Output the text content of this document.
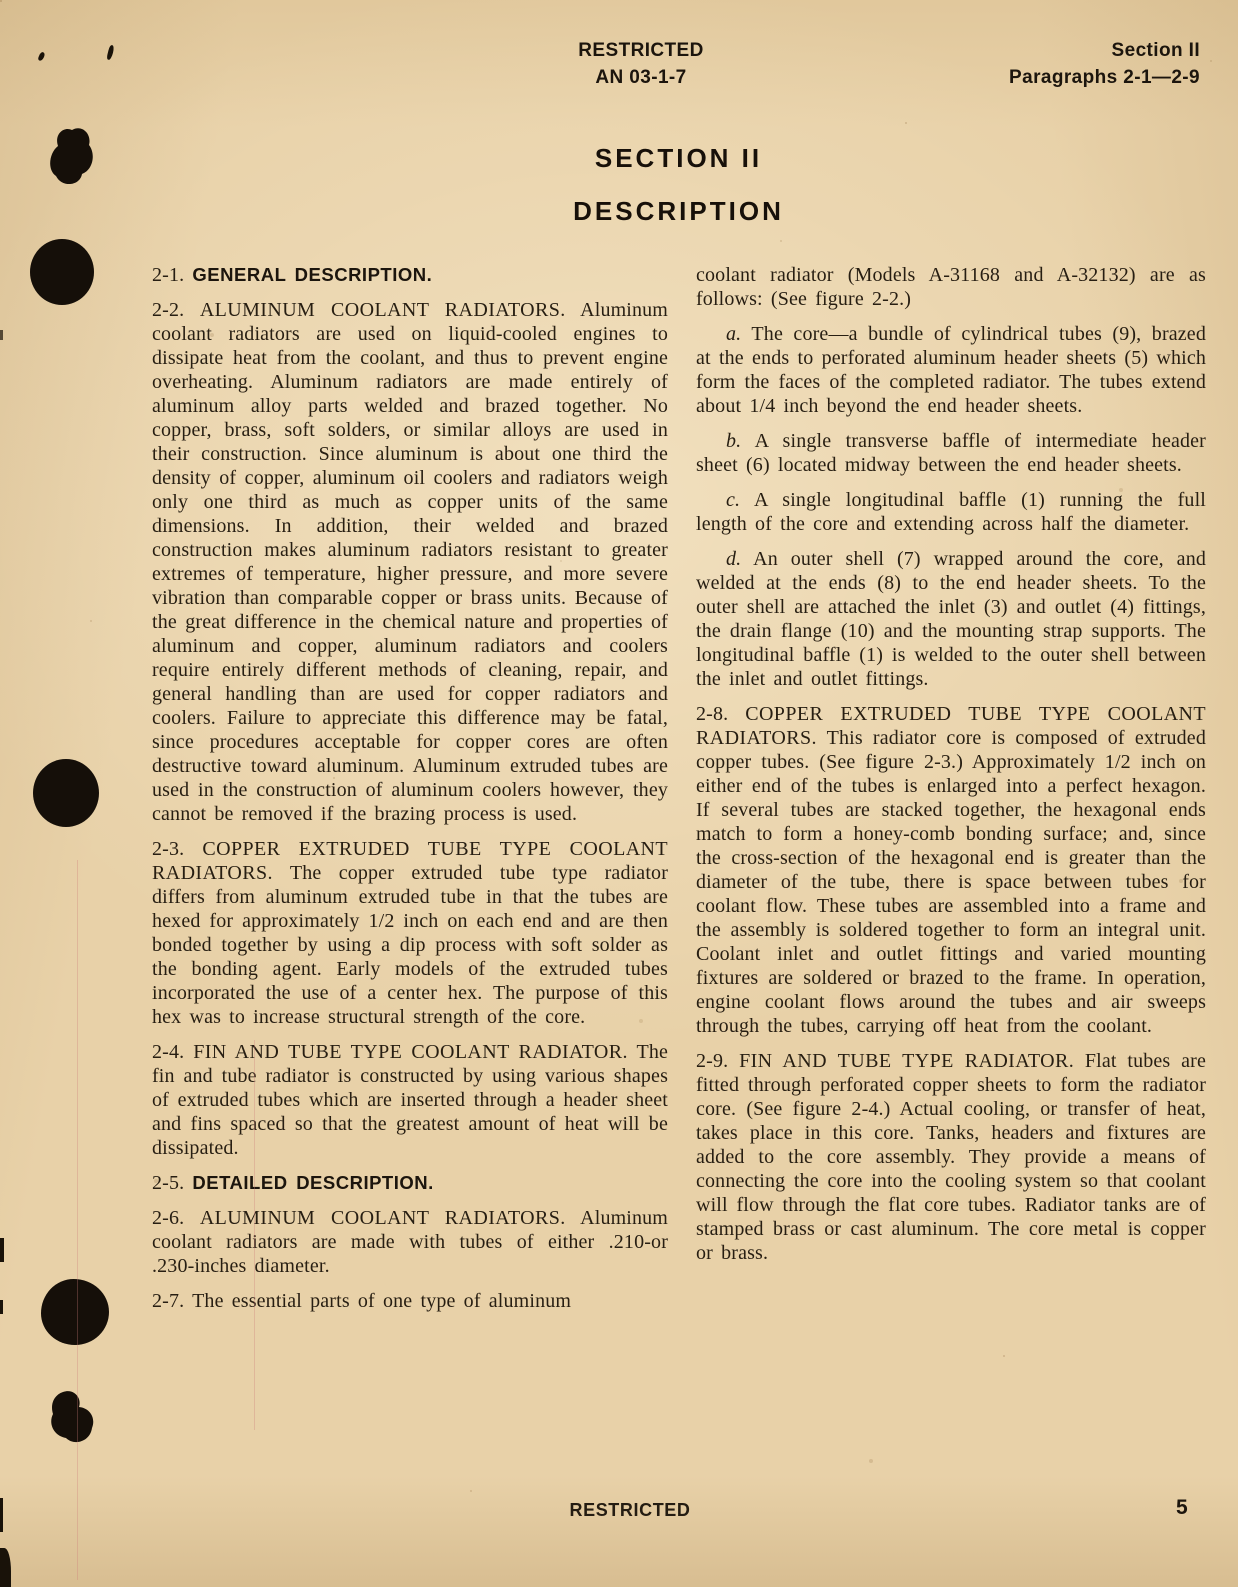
RESTRICTED
AN 03-1-7
Section II
Paragraphs 2-1—2-9
SECTION II
DESCRIPTION

2-1. GENERAL DESCRIPTION.

2-2. ALUMINUM COOLANT RADIATORS. Aluminum coolant radiators are used on liquid-cooled engines to dissipate heat from the coolant, and thus to prevent engine overheating. Aluminum radiators are made entirely of aluminum alloy parts welded and brazed together. No copper, brass, soft solders, or similar alloys are used in their construction. Since aluminum is about one third the density of copper, aluminum oil coolers and radiators weigh only one third as much as copper units of the same dimensions. In addition, their welded and brazed construction makes aluminum radiators resistant to greater extremes of temperature, higher pressure, and more severe vibration than comparable copper or brass units. Because of the great difference in the chemical nature and properties of aluminum and copper, aluminum radiators and coolers require entirely different methods of cleaning, repair, and general handling than are used for copper radiators and coolers. Failure to appreciate this difference may be fatal, since procedures acceptable for copper cores are often destructive toward aluminum. Aluminum extruded tubes are used in the construction of aluminum coolers however, they cannot be removed if the brazing process is used.

2-3. COPPER EXTRUDED TUBE TYPE COOLANT RADIATORS. The copper extruded tube type radiator differs from aluminum extruded tube in that the tubes are hexed for approximately 1/2 inch on each end and are then bonded together by using a dip process with soft solder as the bonding agent. Early models of the extruded tubes incorporated the use of a center hex. The purpose of this hex was to increase structural strength of the core.

2-4. FIN AND TUBE TYPE COOLANT RADIATOR. The fin and tube radiator is constructed by using various shapes of extruded tubes which are inserted through a header sheet and fins spaced so that the greatest amount of heat will be dissipated.

2-5. DETAILED DESCRIPTION.

2-6. ALUMINUM COOLANT RADIATORS. Aluminum coolant radiators are made with tubes of either .210-or .230-inches diameter.

2-7. The essential parts of one type of aluminum

coolant radiator (Models A-31168 and A-32132) are as follows: (See figure 2-2.)

a. The core—a bundle of cylindrical tubes (9), brazed at the ends to perforated aluminum header sheets (5) which form the faces of the completed radiator. The tubes extend about 1/4 inch beyond the end header sheets.

b. A single transverse baffle of intermediate header sheet (6) located midway between the end header sheets.

c. A single longitudinal baffle (1) running the full length of the core and extending across half the diameter.

d. An outer shell (7) wrapped around the core, and welded at the ends (8) to the end header sheets. To the outer shell are attached the inlet (3) and outlet (4) fittings, the drain flange (10) and the mounting strap supports. The longitudinal baffle (1) is welded to the outer shell between the inlet and outlet fittings.

2-8. COPPER EXTRUDED TUBE TYPE COOLANT RADIATORS. This radiator core is composed of extruded copper tubes. (See figure 2-3.) Approximately 1/2 inch on either end of the tubes is enlarged into a perfect hexagon. If several tubes are stacked together, the hexagonal ends match to form a honey-comb bonding surface; and, since the cross-section of the hexagonal end is greater than the diameter of the tube, there is space between tubes for coolant flow. These tubes are assembled into a frame and the assembly is soldered together to form an integral unit. Coolant inlet and outlet fittings and varied mounting fixtures are soldered or brazed to the frame. In operation, engine coolant flows around the tubes and air sweeps through the tubes, carrying off heat from the coolant.

2-9. FIN AND TUBE TYPE RADIATOR. Flat tubes are fitted through perforated copper sheets to form the radiator core. (See figure 2-4.) Actual cooling, or transfer of heat, takes place in this core. Tanks, headers and fixtures are added to the core assembly. They provide a means of connecting the core into the cooling system so that coolant will flow through the flat core tubes. Radiator tanks are of stamped brass or cast aluminum. The core metal is copper or brass.

RESTRICTED	5
